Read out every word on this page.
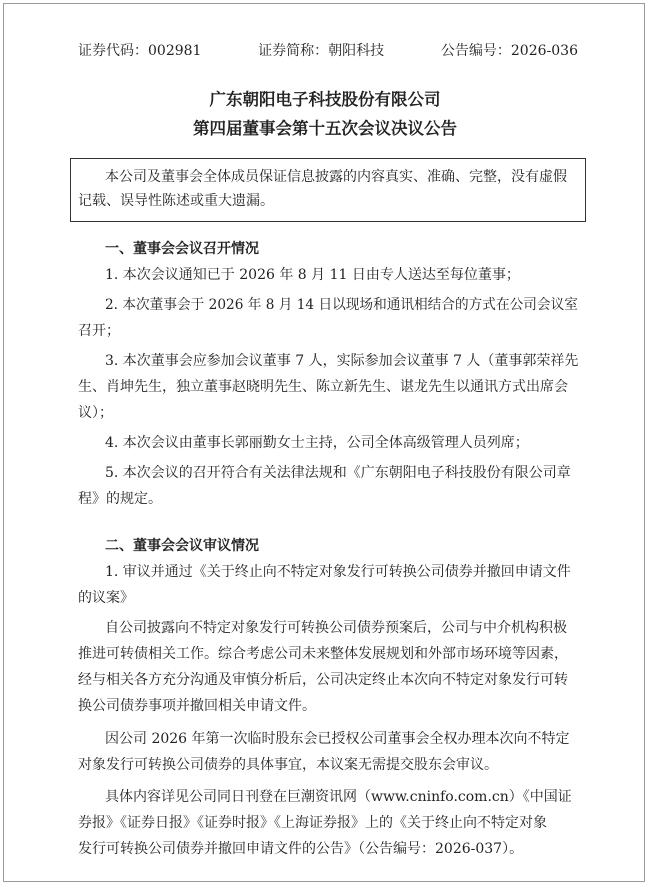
证券代码：002981	证券简称：朝阳科技	公告编号：2026-036
广东朝阳电子科技股份有限公司
第四届董事会第十五次会议决议公告
本公司及董事会全体成员保证信息披露的内容真实、准确、完整，没有虚假
记载、误导性陈述或重大遗漏。
一、董事会会议召开情况
1. 本次会议通知已于 2026 年 8 月 11 日由专人送达至每位董事；
2. 本次董事会于 2026 年 8 月 14 日以现场和通讯相结合的方式在公司会议室
召开；
3. 本次董事会应参加会议董事 7 人，实际参加会议董事 7 人（董事郭荣祥先
生、肖坤先生，独立董事赵晓明先生、陈立新先生、谌龙先生以通讯方式出席会
议）；
4. 本次会议由董事长郭丽勤女士主持，公司全体高级管理人员列席；
5. 本次会议的召开符合有关法律法规和《广东朝阳电子科技股份有限公司章
程》的规定。
二、董事会会议审议情况
1. 审议并通过《关于终止向不特定对象发行可转换公司债券并撤回申请文件
的议案》
自公司披露向不特定对象发行可转换公司债券预案后，公司与中介机构积极
推进可转债相关工作。综合考虑公司未来整体发展规划和外部市场环境等因素，
经与相关各方充分沟通及审慎分析后，公司决定终止本次向不特定对象发行可转
换公司债券事项并撤回相关申请文件。
因公司 2026 年第一次临时股东会已授权公司董事会全权办理本次向不特定
对象发行可转换公司债券的具体事宜，本议案无需提交股东会审议。
具体内容详见公司同日刊登在巨潮资讯网（www.cninfo.com.cn）《中国证
券报》《证券日报》《证券时报》《上海证券报》上的《关于终止向不特定对象
发行可转换公司债券并撤回申请文件的公告》（公告编号：2026-037）。
